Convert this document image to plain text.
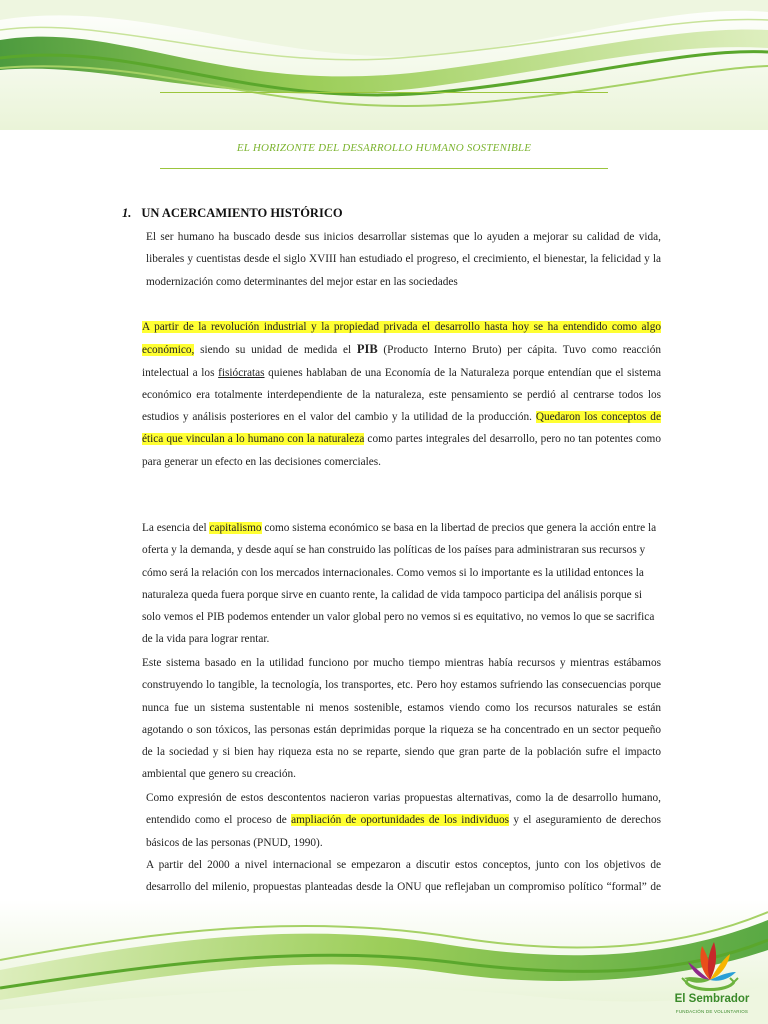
EL HORIZONTE DEL DESARROLLO HUMANO SOSTENIBLE
1. UN ACERCAMIENTO HISTÓRICO
El ser humano ha buscado desde sus inicios desarrollar sistemas que lo ayuden a mejorar su calidad de vida, liberales y cuentistas desde el siglo XVIII han estudiado el progreso, el crecimiento, el bienestar, la felicidad y la modernización como determinantes del mejor estar en las sociedades
A partir de la revolución industrial y la propiedad privada el desarrollo hasta hoy se ha entendido como algo económico, siendo su unidad de medida el PIB (Producto Interno Bruto) per cápita. Tuvo como reacción intelectual a los fisiócratas quienes hablaban de una Economía de la Naturaleza porque entendían que el sistema económico era totalmente interdependiente de la naturaleza, este pensamiento se perdió al centrarse todos los estudios y análisis posteriores en el valor del cambio y la utilidad de la producción. Quedaron los conceptos de ética que vinculan a lo humano con la naturaleza como partes integrales del desarrollo, pero no tan potentes como para generar un efecto en las decisiones comerciales.
La esencia del capitalismo como sistema económico se basa en la libertad de precios que genera la acción entre la oferta y la demanda, y desde aquí se han construido las políticas de los países para administraran sus recursos y cómo será la relación con los mercados internacionales. Como vemos si lo importante es la utilidad entonces la naturaleza queda fuera porque sirve en cuanto rente, la calidad de vida tampoco participa del análisis porque si solo vemos el PIB podemos entender un valor global pero no vemos si es equitativo, no vemos lo que se sacrifica de la vida para lograr rentar.
Este sistema basado en la utilidad funciono por mucho tiempo mientras había recursos y mientras estábamos construyendo lo tangible, la tecnología, los transportes, etc. Pero hoy estamos sufriendo las consecuencias porque nunca fue un sistema sustentable ni menos sostenible, estamos viendo como los recursos naturales se están agotando o son tóxicos, las personas están deprimidas porque la riqueza se ha concentrado en un sector pequeño de la sociedad y si bien hay riqueza esta no se reparte, siendo que gran parte de la población sufre el impacto ambiental que genero su creación.
Como expresión de estos descontentos nacieron varias propuestas alternativas, como la de desarrollo humano, entendido como el proceso de ampliación de oportunidades de los individuos y el aseguramiento de derechos básicos de las personas (PNUD, 1990).
A partir del 2000 a nivel internacional se empezaron a discutir estos conceptos, junto con los objetivos de desarrollo del milenio, propuestas planteadas desde la ONU que reflejaban un compromiso político “formal” de
El Sembrador
FUNDACIÓN DE VOLUNTARIOS
